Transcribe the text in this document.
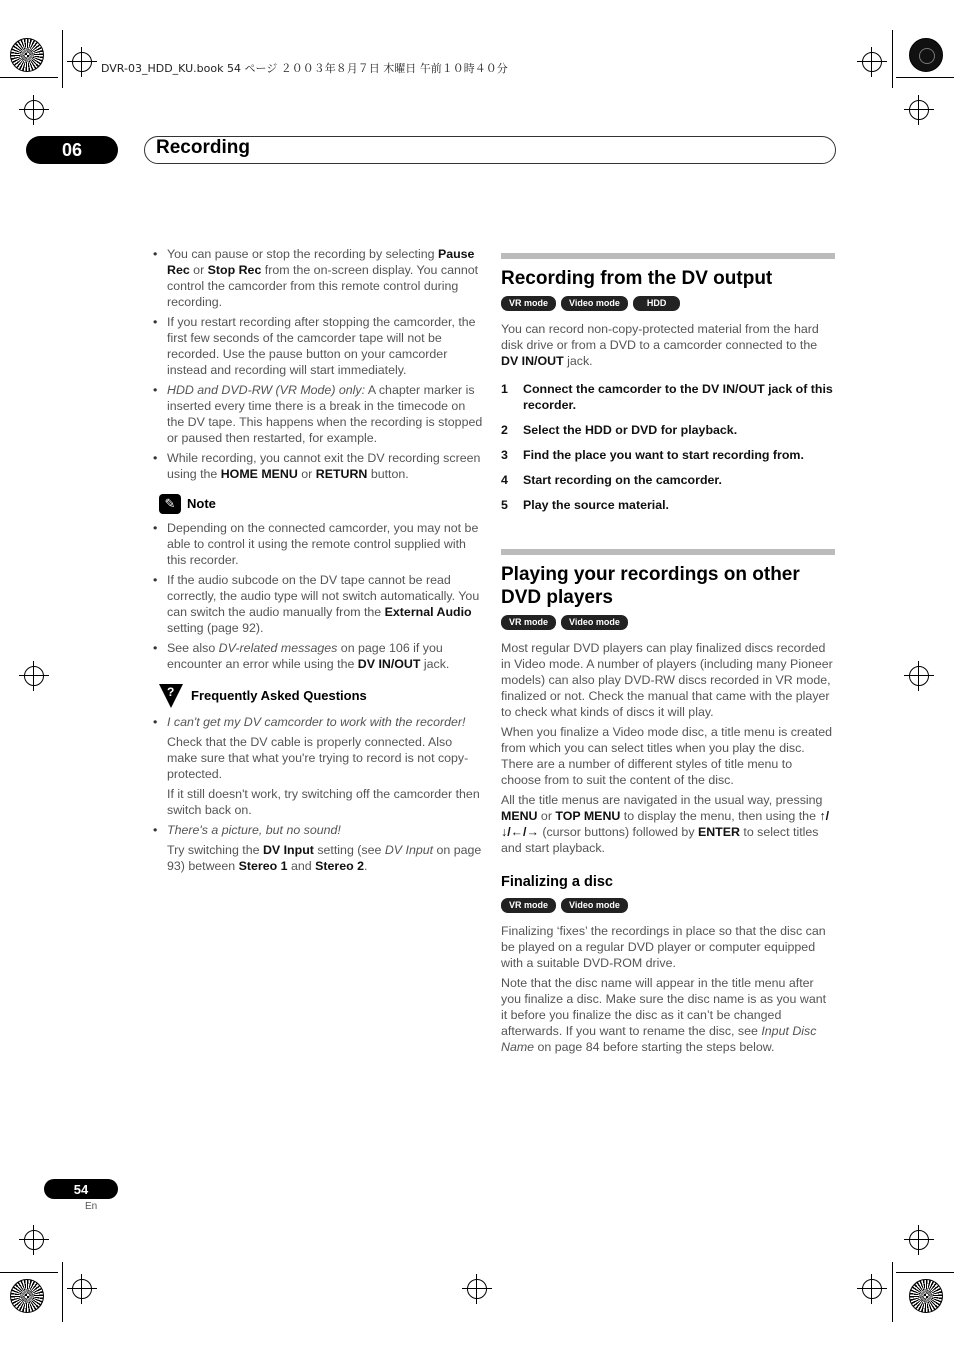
DVR-03_HDD_KU.book 54 ページ ２００３年８月７日 木曜日 午前１０時４０分
06	Recording
• You can pause or stop the recording by selecting Pause Rec or Stop Rec from the on-screen display. You cannot control the camcorder from this remote control during recording.
• If you restart recording after stopping the camcorder, the first few seconds of the camcorder tape will not be recorded. Use the pause button on your camcorder instead and recording will start immediately.
• HDD and DVD-RW (VR Mode) only: A chapter marker is inserted every time there is a break in the timecode on the DV tape. This happens when the recording is stopped or paused then restarted, for example.
• While recording, you cannot exit the DV recording screen using the HOME MENU or RETURN button.
✎ Note
• Depending on the connected camcorder, you may not be able to control it using the remote control supplied with this recorder.
• If the audio subcode on the DV tape cannot be read correctly, the audio type will not switch automatically. You can switch the audio manually from the External Audio setting (page 92).
• See also DV-related messages on page 106 if you encounter an error while using the DV IN/OUT jack.
? Frequently Asked Questions
• I can't get my DV camcorder to work with the recorder!
Check that the DV cable is properly connected. Also make sure that what you're trying to record is not copy-protected.
If it still doesn't work, try switching off the camcorder then switch back on.
• There's a picture, but no sound!
Try switching the DV Input setting (see DV Input on page 93) between Stereo 1 and Stereo 2.
Recording from the DV output
VR mode	Video mode	HDD
You can record non-copy-protected material from the hard disk drive or from a DVD to a camcorder connected to the DV IN/OUT jack.
1	Connect the camcorder to the DV IN/OUT jack of this recorder.
2	Select the HDD or DVD for playback.
3	Find the place you want to start recording from.
4	Start recording on the camcorder.
5	Play the source material.
Playing your recordings on other DVD players
VR mode	Video mode
Most regular DVD players can play finalized discs recorded in Video mode. A number of players (including many Pioneer models) can also play DVD-RW discs recorded in VR mode, finalized or not. Check the manual that came with the player to check what kinds of discs it will play.
When you finalize a Video mode disc, a title menu is created from which you can select titles when you play the disc. There are a number of different styles of title menu to choose from to suit the content of the disc.
All the title menus are navigated in the usual way, pressing MENU or TOP MENU to display the menu, then using the ↑/↓/←/→ (cursor buttons) followed by ENTER to select titles and start playback.
Finalizing a disc
VR mode	Video mode
Finalizing ‘fixes’ the recordings in place so that the disc can be played on a regular DVD player or computer equipped with a suitable DVD-ROM drive.
Note that the disc name will appear in the title menu after you finalize a disc. Make sure the disc name is as you want it before you finalize the disc as it can’t be changed afterwards. If you want to rename the disc, see Input Disc Name on page 84 before starting the steps below.
54
En
